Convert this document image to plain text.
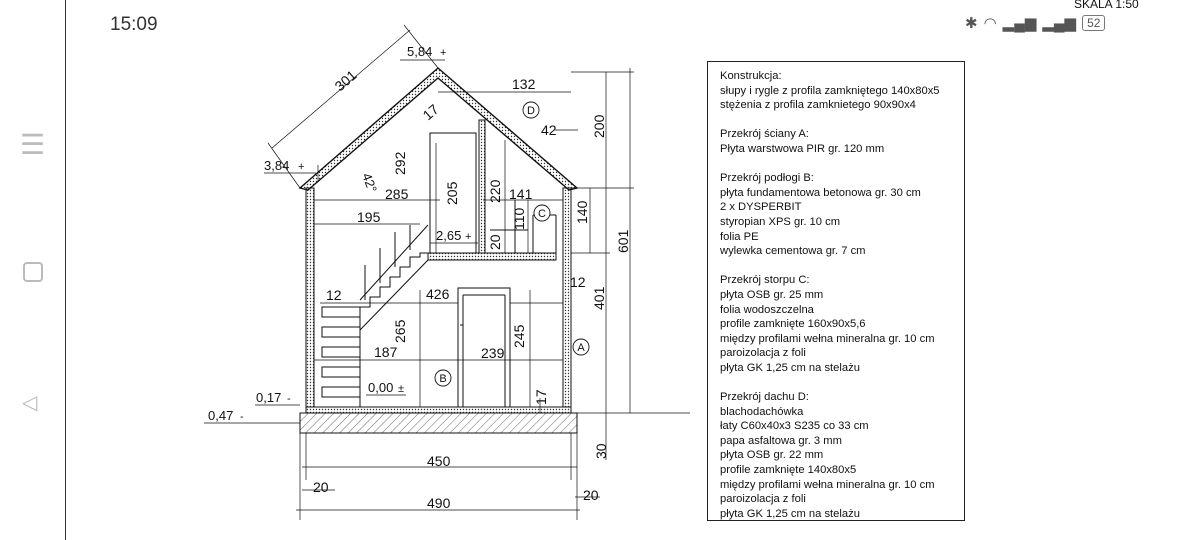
☰
◁
15:09	✱ ◠ ▂▄▆ ▂▄▆ 52
SKALA 1:50
D
C
A
B
5,84 +
3,84 +
301
42°
17
132
200
601
42
140
401
292
285	205 220 141
195
2,65 + 20
110
12	426
12
265	245
187	239
0,00 ±
0,17 -
0,47 -
17
30
450
490
20	20
Konstrukcja:
słupy i rygle z profila zamkniętego 140x80x5
stężenia z profila zamknietego 90x90x4
Przekrój ściany A:
Płyta warstwowa PIR gr. 120 mm
Przekrój podłogi B:
płyta fundamentowa betonowa gr. 30 cm
2 x DYSPERBIT
styropian XPS gr. 10 cm
folia PE
wylewka cementowa gr. 7 cm
Przekrój storpu C:
płyta OSB gr. 25 mm
folia wodoszczelna
profile zamknięte 160x90x5,6
między profilami wełna mineralna gr. 10 cm
paroizolacja z foli
płyta GK 1,25 cm na stelażu
Przekrój dachu D:
blachodachówka
łaty C60x40x3 S235 co 33 cm
papa asfaltowa gr. 3 mm
płyta OSB gr. 22 mm
profile zamknięte 140x80x5
między profilami wełna mineralna gr. 10 cm
paroizolacja z foli
płyta GK 1,25 cm na stelażu
